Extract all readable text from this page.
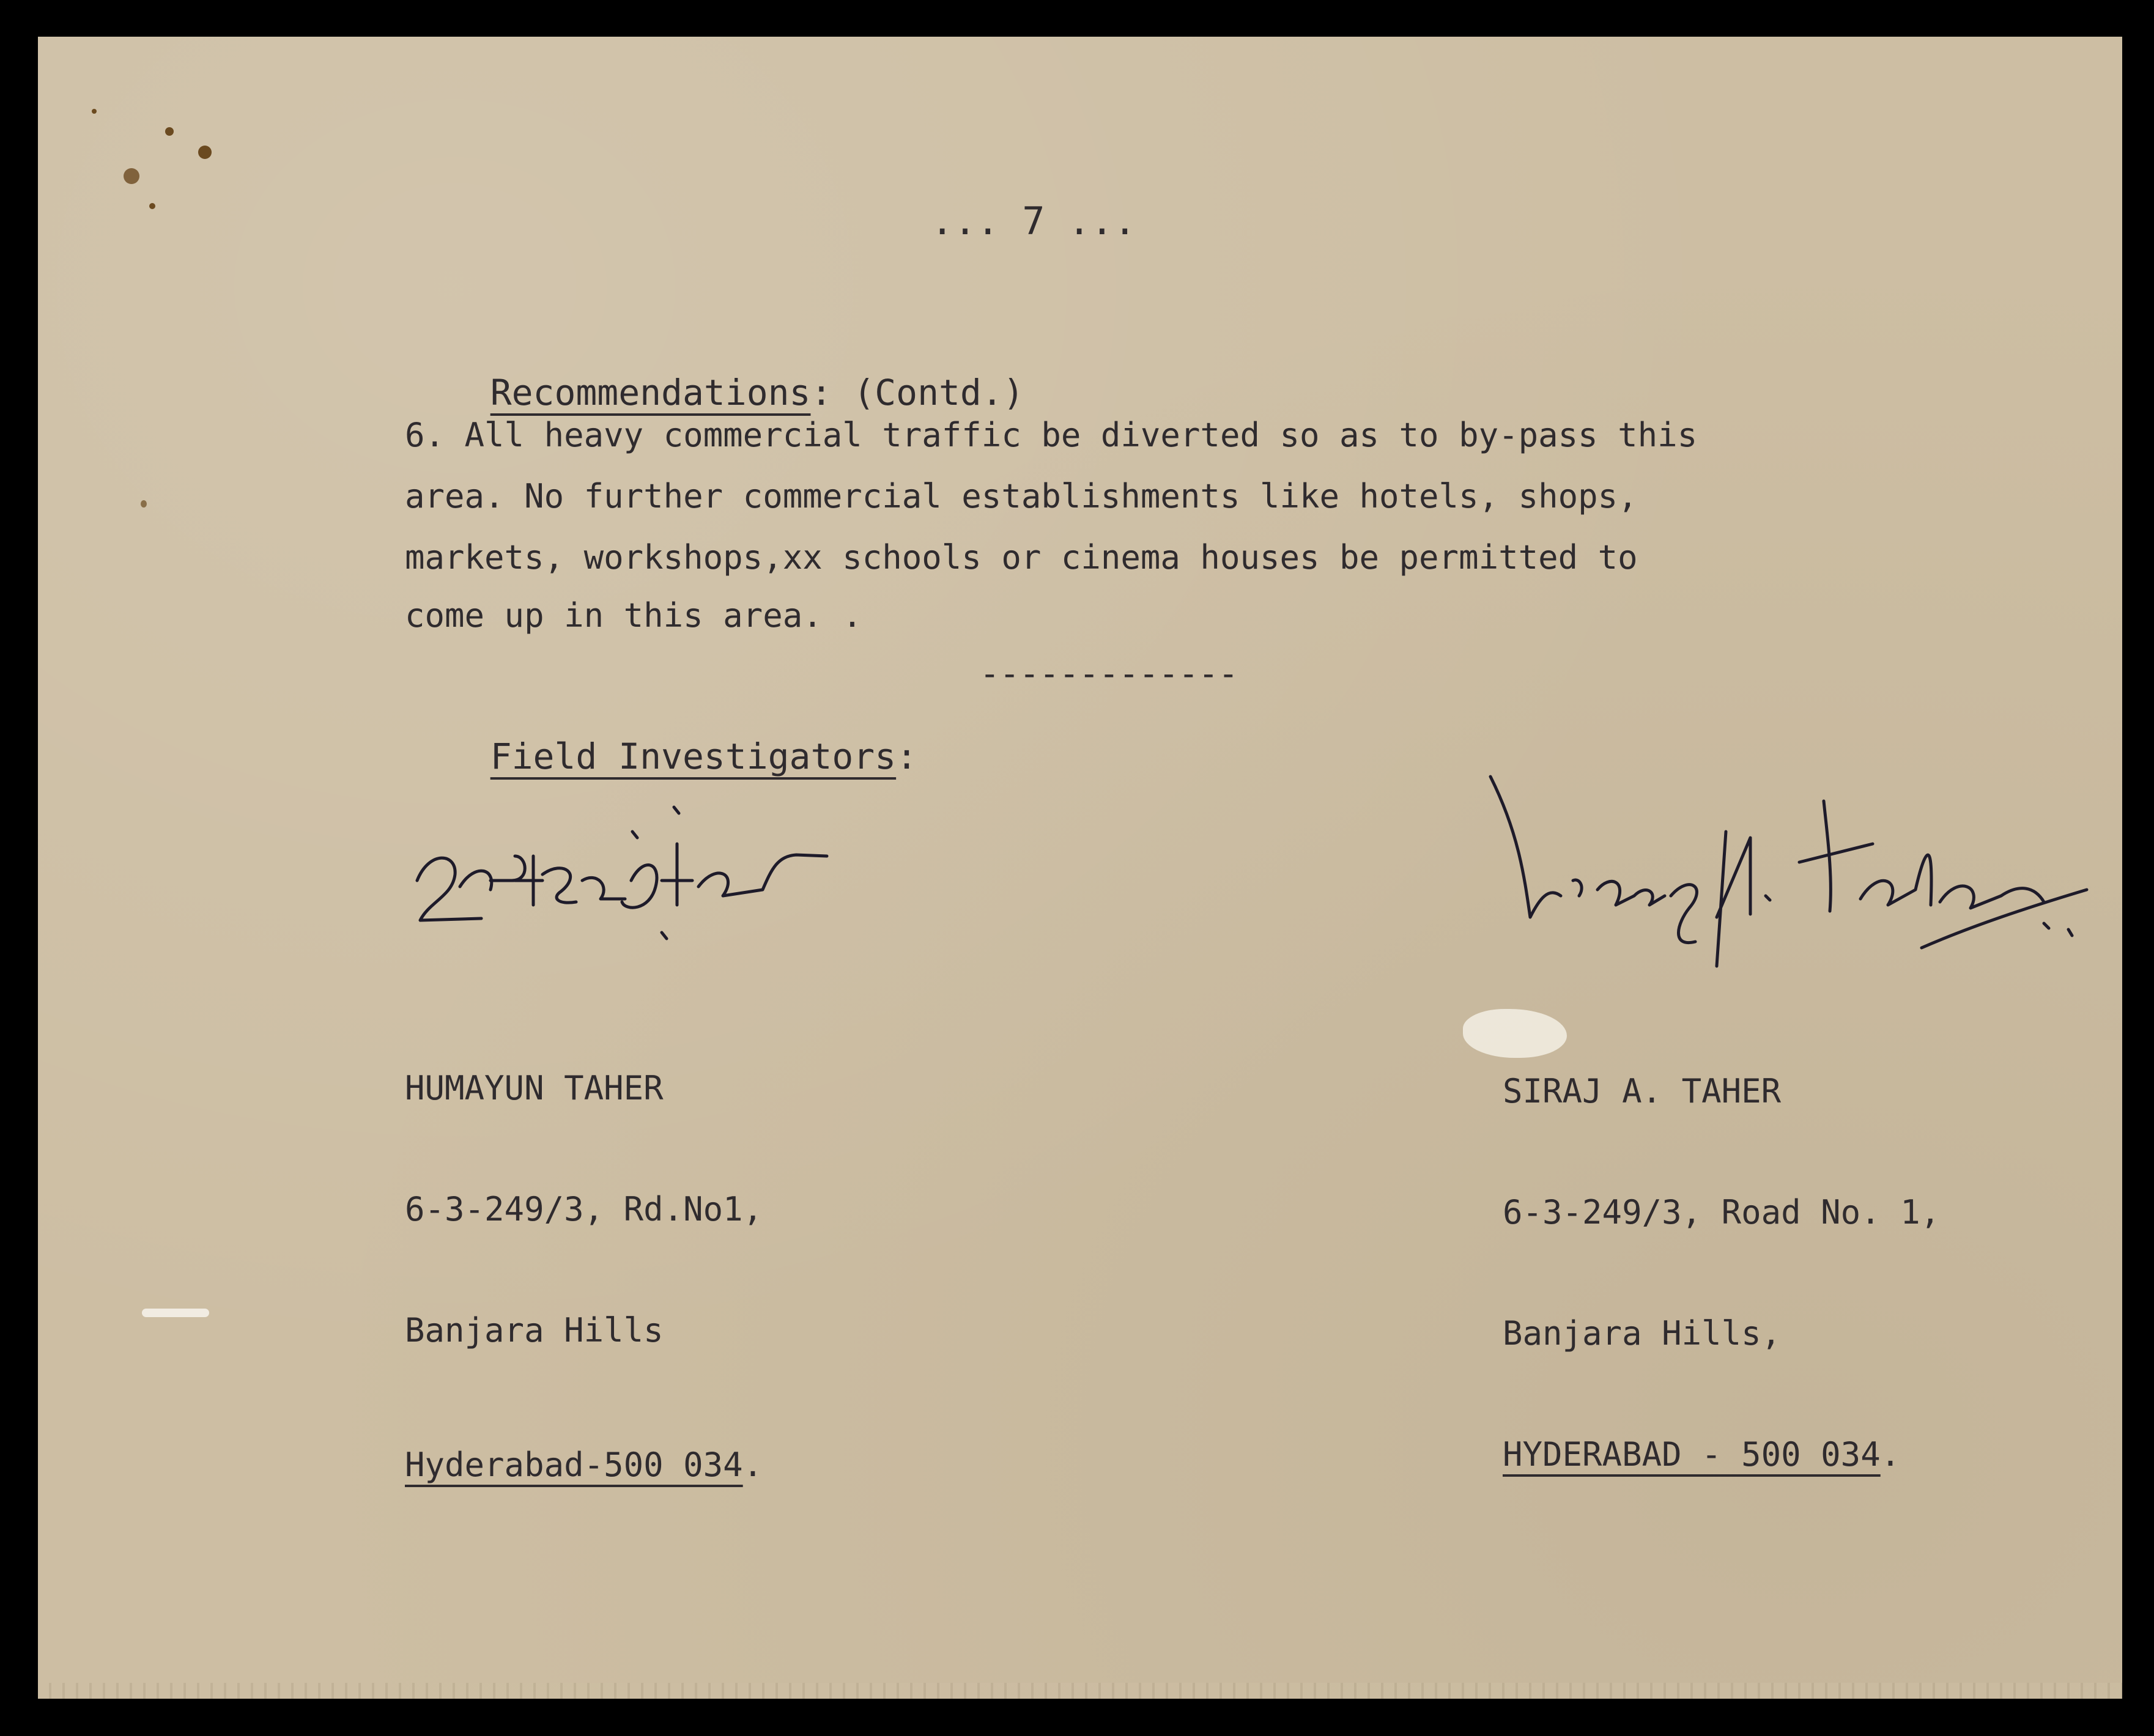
... 7 ...

Recommendations: (Contd.)

6. All heavy commercial traffic be diverted so as to by-pass this
area. No further commercial establishments like hotels, shops,
markets, workshops,xx schools or cinema houses be permitted to
come up in this area. .
-------------

Field Investigators:

HUMAYUN TAHER

6-3-249/3, Rd.No1,

Banjara Hills

Hyderabad-500 034.

SIRAJ A. TAHER

6-3-249/3, Road No. 1,

Banjara Hills,

HYDERABAD - 500 034.
